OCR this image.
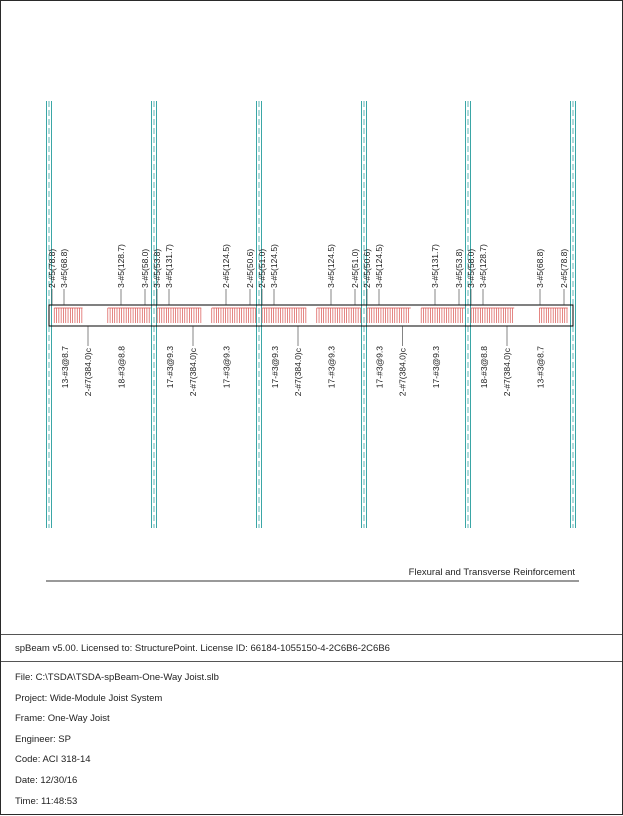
2-#5(78.8) 3-#5(68.8)	3-#5(128.7) 3-#5(58.0)
13-#3@8.7 2-#7(384.0)c	18-#3@8.8
3-#5(53.8) 3-#5(131.7)	2-#5(124.5) 2-#5(50.6)
17-#3@9.3 2-#7(384.0)c	17-#3@9.3
2-#5(51.0) 3-#5(124.5)	3-#5(124.5) 2-#5(51.0)
17-#3@9.3 2-#7(384.0)c	17-#3@9.3
2-#5(50.6) 3-#5(124.5)	3-#5(131.7) 3-#5(53.8)
17-#3@9.3 2-#7(384.0)c	17-#3@9.3
3-#5(58.0) 3-#5(128.7)	3-#5(68.8) 2-#5(78.8)
18-#3@8.8 2-#7(384.0)c	13-#3@8.7
Flexural and Transverse Reinforcement
spBeam v5.00. Licensed to: StructurePoint. License ID: 66184-1055150-4-2C6B6-2C6B6
File: C:\TSDA\TSDA-spBeam-One-Way Joist.slb
Project: Wide-Module Joist System
Frame: One-Way Joist
Engineer: SP
Code: ACI 318-14
Date: 12/30/16
Time: 11:48:53
